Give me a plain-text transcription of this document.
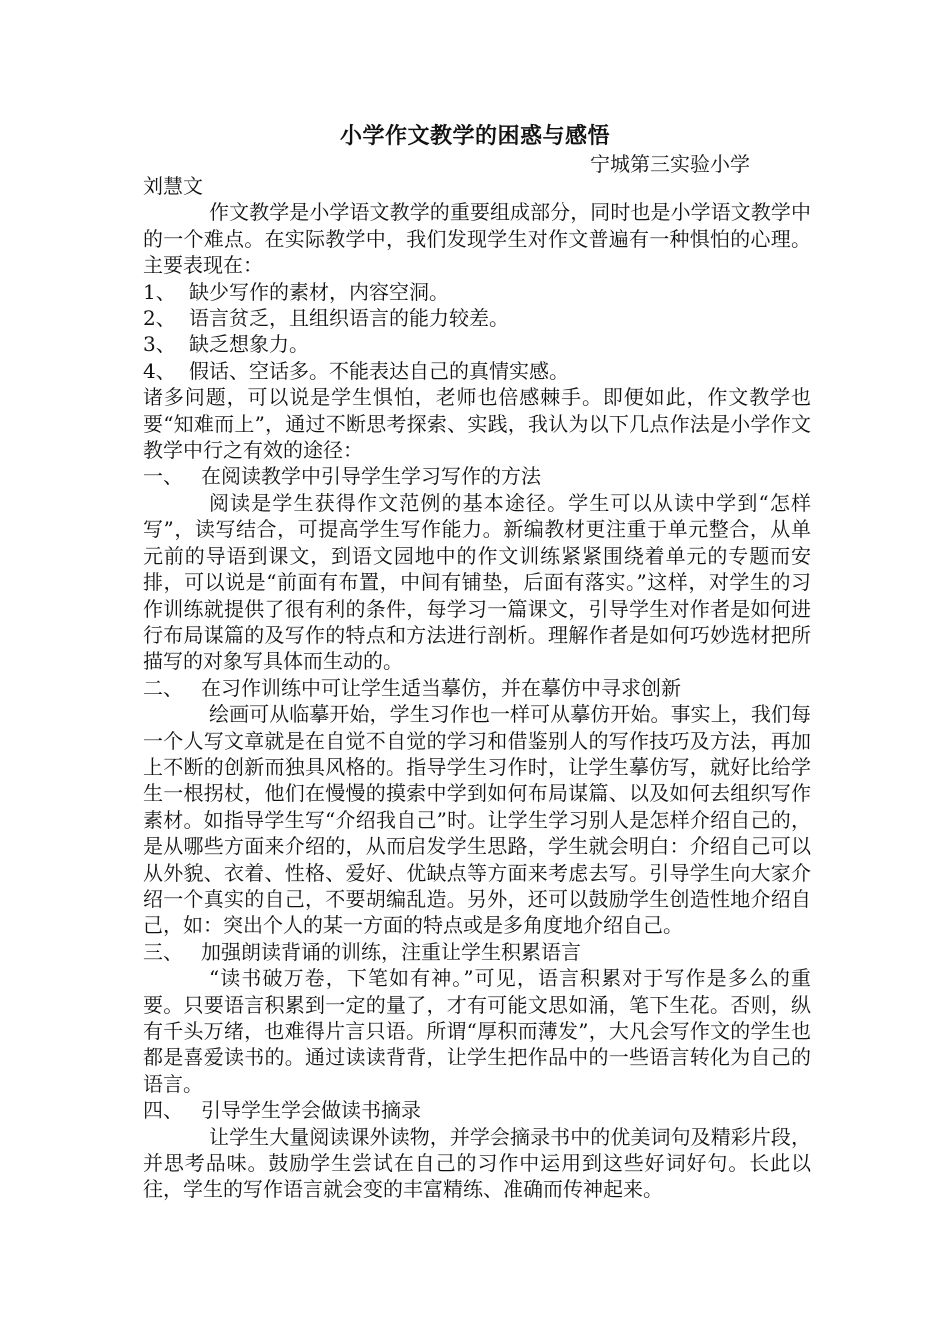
小学作文教学的困惑与感悟
宁城第三实验小学

刘慧文

作文教学是小学语文教学的重要组成部分，同时也是小学语文教学中的一个难点。在实际教学中，我们发现学生对作文普遍有一种惧怕的心理。主要表现在：

1、 缺少写作的素材，内容空洞。

2、 语言贫乏，且组织语言的能力较差。

3、 缺乏想象力。

4、 假话、空话多。不能表达自己的真情实感。

诸多问题，可以说是学生惧怕，老师也倍感棘手。即便如此，作文教学也要“知难而上”，通过不断思考探索、实践，我认为以下几点作法是小学作文教学中行之有效的途径：

一、 在阅读教学中引导学生学习写作的方法

阅读是学生获得作文范例的基本途径。学生可以从读中学到“怎样写”，读写结合，可提高学生写作能力。新编教材更注重于单元整合，从单元前的导语到课文，到语文园地中的作文训练紧紧围绕着单元的专题而安排，可以说是“前面有布置，中间有铺垫，后面有落实。”这样，对学生的习作训练就提供了很有利的条件，每学习一篇课文，引导学生对作者是如何进行布局谋篇的及写作的特点和方法进行剖析。理解作者是如何巧妙选材把所描写的对象写具体而生动的。

二、 在习作训练中可让学生适当摹仿，并在摹仿中寻求创新

绘画可从临摹开始，学生习作也一样可从摹仿开始。事实上，我们每一个人写文章就是在自觉不自觉的学习和借鉴别人的写作技巧及方法，再加上不断的创新而独具风格的。指导学生习作时，让学生摹仿写，就好比给学生一根拐杖，他们在慢慢的摸索中学到如何布局谋篇、以及如何去组织写作素材。如指导学生写“介绍我自己”时。让学生学习别人是怎样介绍自己的，是从哪些方面来介绍的，从而启发学生思路，学生就会明白：介绍自己可以从外貌、衣着、性格、爱好、优缺点等方面来考虑去写。引导学生向大家介绍一个真实的自己，不要胡编乱造。另外，还可以鼓励学生创造性地介绍自己，如：突出个人的某一方面的特点或是多角度地介绍自己。

三、 加强朗读背诵的训练，注重让学生积累语言

“读书破万卷，下笔如有神。”可见，语言积累对于写作是多么的重要。只要语言积累到一定的量了，才有可能文思如涌，笔下生花。否则，纵有千头万绪，也难得片言只语。所谓“厚积而薄发”，大凡会写作文的学生也都是喜爱读书的。通过读读背背，让学生把作品中的一些语言转化为自己的语言。

四、 引导学生学会做读书摘录

让学生大量阅读课外读物，并学会摘录书中的优美词句及精彩片段，并思考品味。鼓励学生尝试在自己的习作中运用到这些好词好句。长此以往，学生的写作语言就会变的丰富精练、准确而传神起来。
